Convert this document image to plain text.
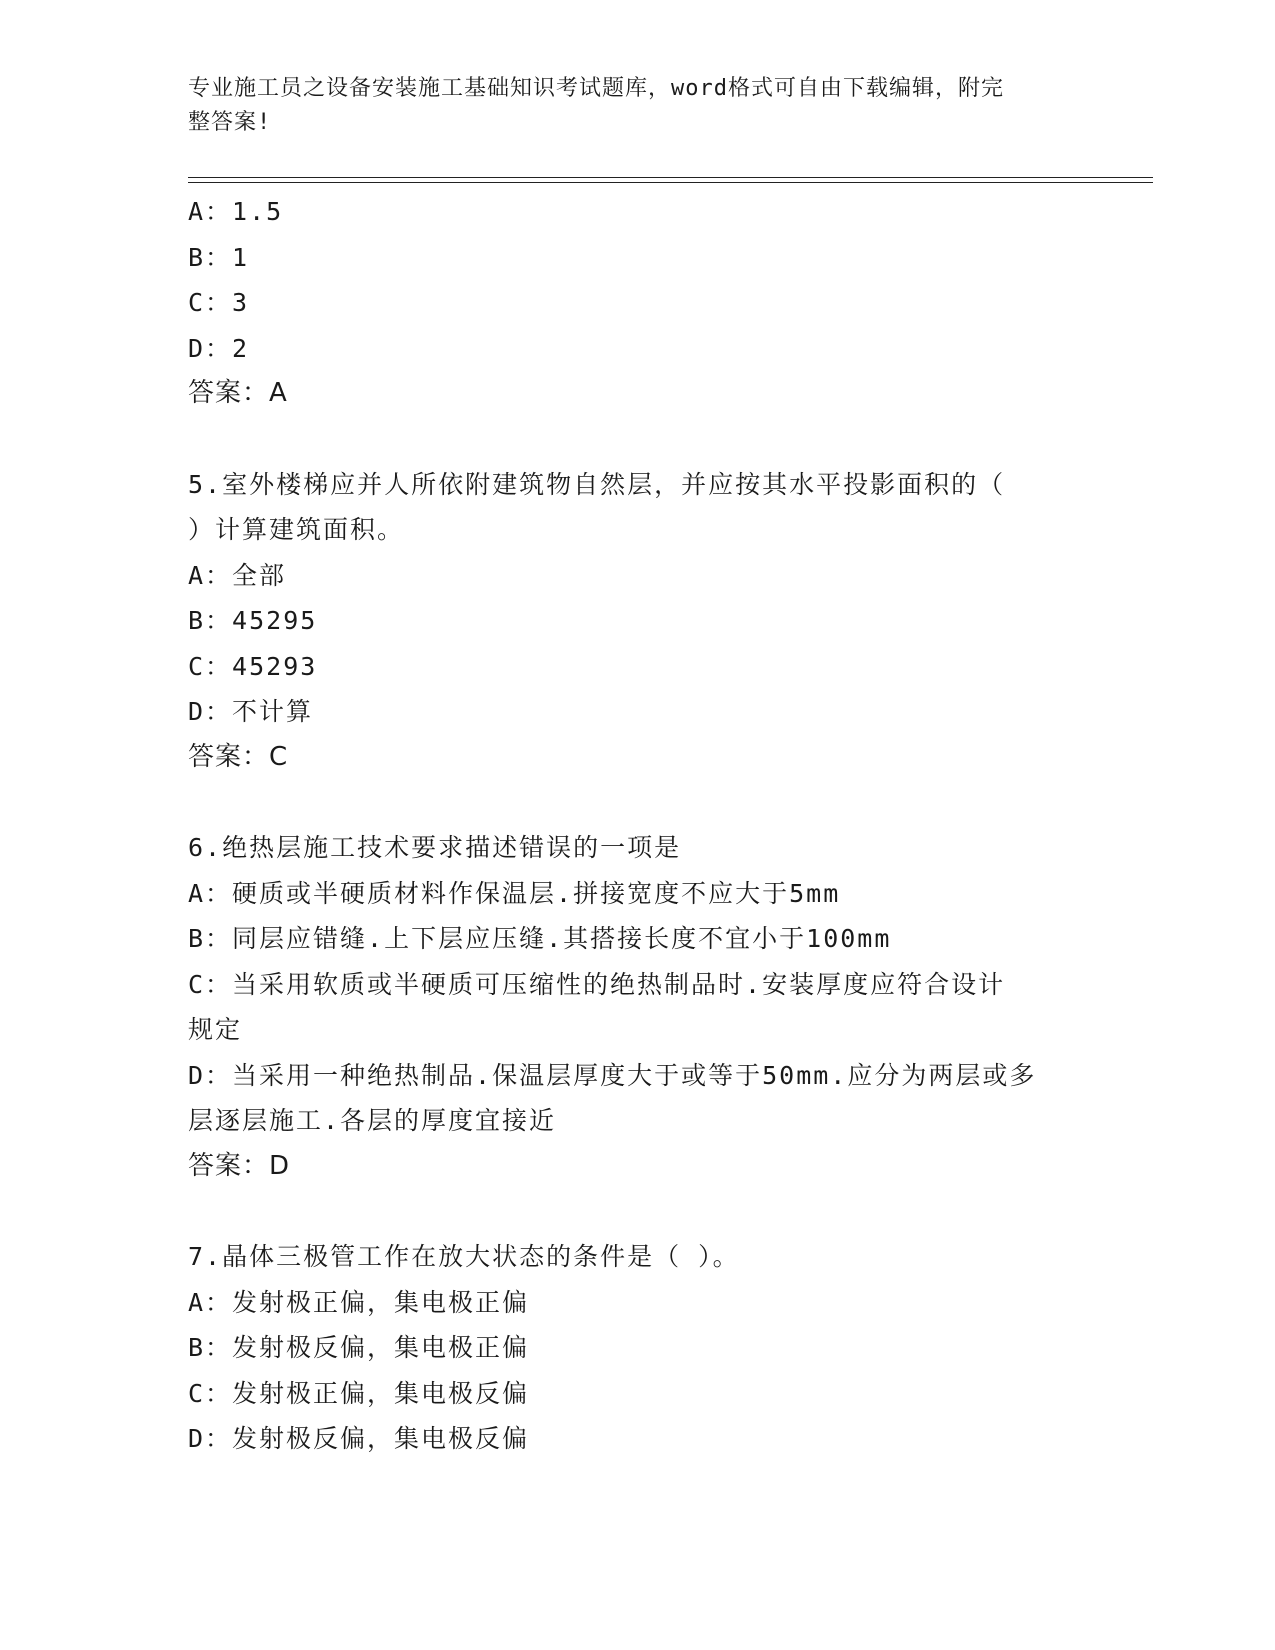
专业施工员之设备安装施工基础知识考试题库，word格式可自由下载编辑，附完
整答案!
A：1.5
B：1
C：3
D：2
答案：A
5.室外楼梯应并人所依附建筑物自然层，并应按其水平投影面积的（
）计算建筑面积。
A：全部
B：45295
C：45293
D：不计算
答案：C
6.绝热层施工技术要求描述错误的一项是
A：硬质或半硬质材料作保温层.拼接宽度不应大于5mm
B：同层应错缝.上下层应压缝.其搭接长度不宜小于100mm
C：当采用软质或半硬质可压缩性的绝热制品时.安装厚度应符合设计
规定
D：当采用一种绝热制品.保温层厚度大于或等于50mm.应分为两层或多
层逐层施工.各层的厚度宜接近
答案：D
7.晶体三极管工作在放大状态的条件是（ ）。
A：发射极正偏，集电极正偏
B：发射极反偏，集电极正偏
C：发射极正偏，集电极反偏
D：发射极反偏，集电极反偏
